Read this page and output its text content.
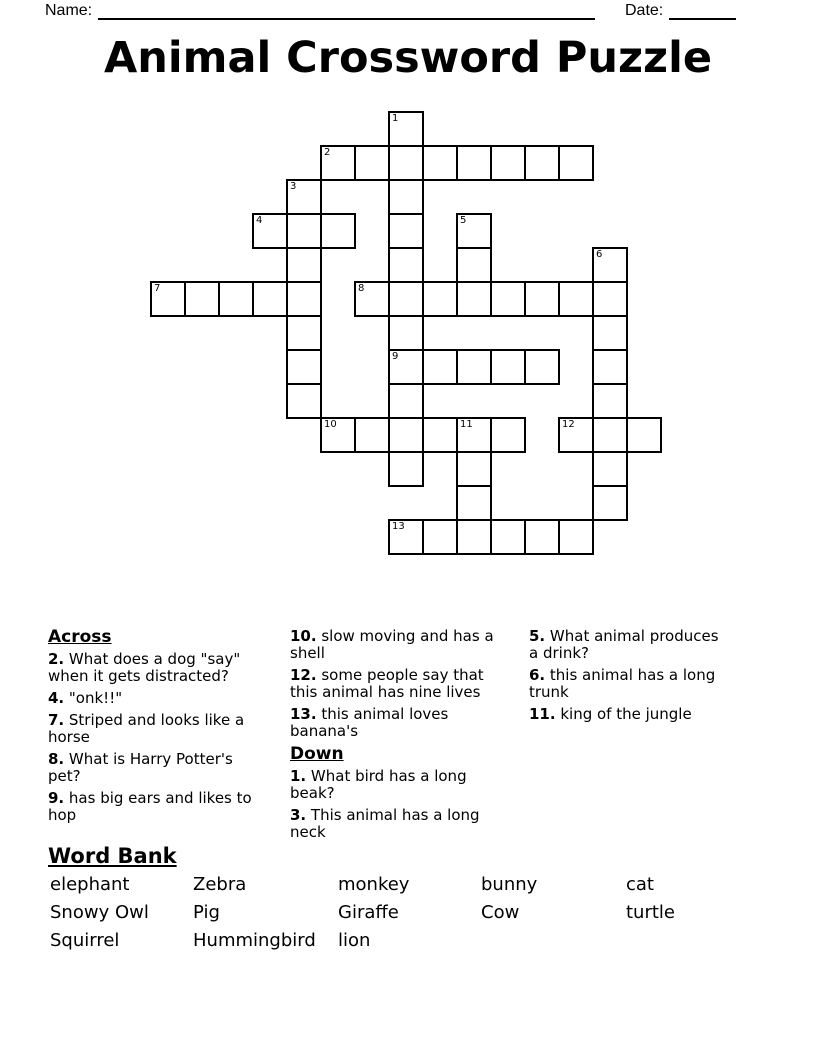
Name:	Date:
Animal Crossword Puzzle
1
2
3
4	5
6
7	8
9
10	11	12
13
Across
2. What does a dog "say" when it gets distracted?
4. "onk!!"
7. Striped and looks like a horse
8. What is Harry Potter's pet?
9. has big ears and likes to hop
10. slow moving and has a shell
12. some people say that this animal has nine lives
13. this animal loves banana's
Down
1. What bird has a long beak?
3. This animal has a long neck
5. What animal produces a drink?
6. this animal has a long trunk
11. king of the jungle
Word Bank
elephant	Zebra	monkey	bunny	cat
Snowy Owl	Pig	Giraffe	Cow	turtle
Squirrel	Hummingbird	lion
